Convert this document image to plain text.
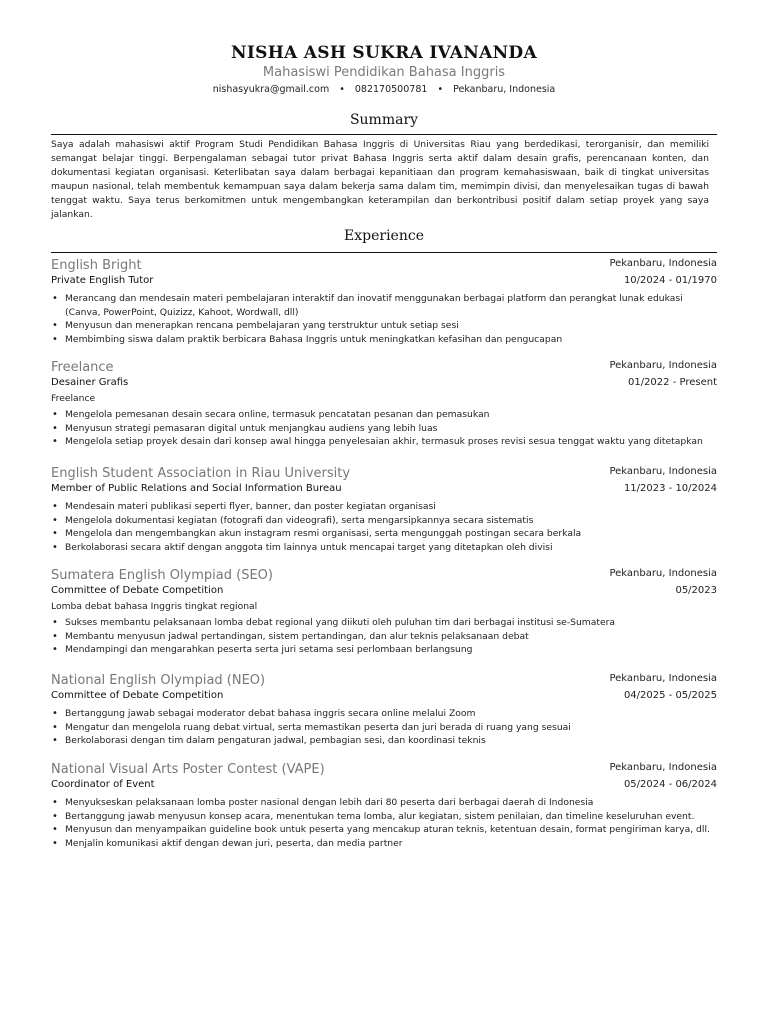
NISHA ASH SUKRA IVANANDA
Mahasiswi Pendidikan Bahasa Inggris
nishasyukra@gmail.com • 082170500781 • Pekanbaru, Indonesia
Summary
Saya adalah mahasiswi aktif Program Studi Pendidikan Bahasa Inggris di Universitas Riau yang berdedikasi, terorganisir, dan memiliki semangat belajar tinggi. Berpengalaman sebagai tutor privat Bahasa Inggris serta aktif dalam desain grafis, perencanaan konten, dan dokumentasi kegiatan organisasi. Keterlibatan saya dalam berbagai kepanitiaan dan program kemahasiswaan, baik di tingkat universitas maupun nasional, telah membentuk kemampuan saya dalam bekerja sama dalam tim, memimpin divisi, dan menyelesaikan tugas di bawah tenggat waktu. Saya terus berkomitmen untuk mengembangkan keterampilan dan berkontribusi positif dalam setiap proyek yang saya jalankan.
Experience
English Bright	Pekanbaru, Indonesia
Private English Tutor	10/2024 - 01/1970
• Merancang dan mendesain materi pembelajaran interaktif dan inovatif menggunakan berbagai platform dan perangkat lunak edukasi (Canva, PowerPoint, Quizizz, Kahoot, Wordwall, dll)
• Menyusun dan menerapkan rencana pembelajaran yang terstruktur untuk setiap sesi
• Membimbing siswa dalam praktik berbicara Bahasa Inggris untuk meningkatkan kefasihan dan pengucapan
Freelance	Pekanbaru, Indonesia
Desainer Grafis	01/2022 - Present
Freelance
• Mengelola pemesanan desain secara online, termasuk pencatatan pesanan dan pemasukan
• Menyusun strategi pemasaran digital untuk menjangkau audiens yang lebih luas
• Mengelola setiap proyek desain dari konsep awal hingga penyelesaian akhir, termasuk proses revisi sesua tenggat waktu yang ditetapkan
English Student Association in Riau University	Pekanbaru, Indonesia
Member of Public Relations and Social Information Bureau	11/2023 - 10/2024
• Mendesain materi publikasi seperti flyer, banner, dan poster kegiatan organisasi
• Mengelola dokumentasi kegiatan (fotografi dan videografi), serta mengarsipkannya secara sistematis
• Mengelola dan mengembangkan akun instagram resmi organisasi, serta mengunggah postingan secara berkala
• Berkolaborasi secara aktif dengan anggota tim lainnya untuk mencapai target yang ditetapkan oleh divisi
Sumatera English Olympiad (SEO)	Pekanbaru, Indonesia
Committee of Debate Competition	05/2023
Lomba debat bahasa Inggris tingkat regional
• Sukses membantu pelaksanaan lomba debat regional yang diikuti oleh puluhan tim dari berbagai institusi se-Sumatera
• Membantu menyusun jadwal pertandingan, sistem pertandingan, dan alur teknis pelaksanaan debat
• Mendampingi dan mengarahkan peserta serta juri setama sesi perlombaan berlangsung
National English Olympiad (NEO)	Pekanbaru, Indonesia
Committee of Debate Competition	04/2025 - 05/2025
• Bertanggung jawab sebagai moderator debat bahasa inggris secara online melalui Zoom
• Mengatur dan mengelola ruang debat virtual, serta memastikan peserta dan juri berada di ruang yang sesuai
• Berkolaborasi dengan tim dalam pengaturan jadwal, pembagian sesi, dan koordinasi teknis
National Visual Arts Poster Contest (VAPE)	Pekanbaru, Indonesia
Coordinator of Event	05/2024 - 06/2024
• Menyukseskan pelaksanaan lomba poster nasional dengan lebih dari 80 peserta dari berbagai daerah di Indonesia
• Bertanggung jawab menyusun konsep acara, menentukan tema lomba, alur kegiatan, sistem penilaian, dan timeline keseluruhan event.
• Menyusun dan menyampaikan guideline book untuk peserta yang mencakup aturan teknis, ketentuan desain, format pengiriman karya, dll.
• Menjalin komunikasi aktif dengan dewan juri, peserta, dan media partner
